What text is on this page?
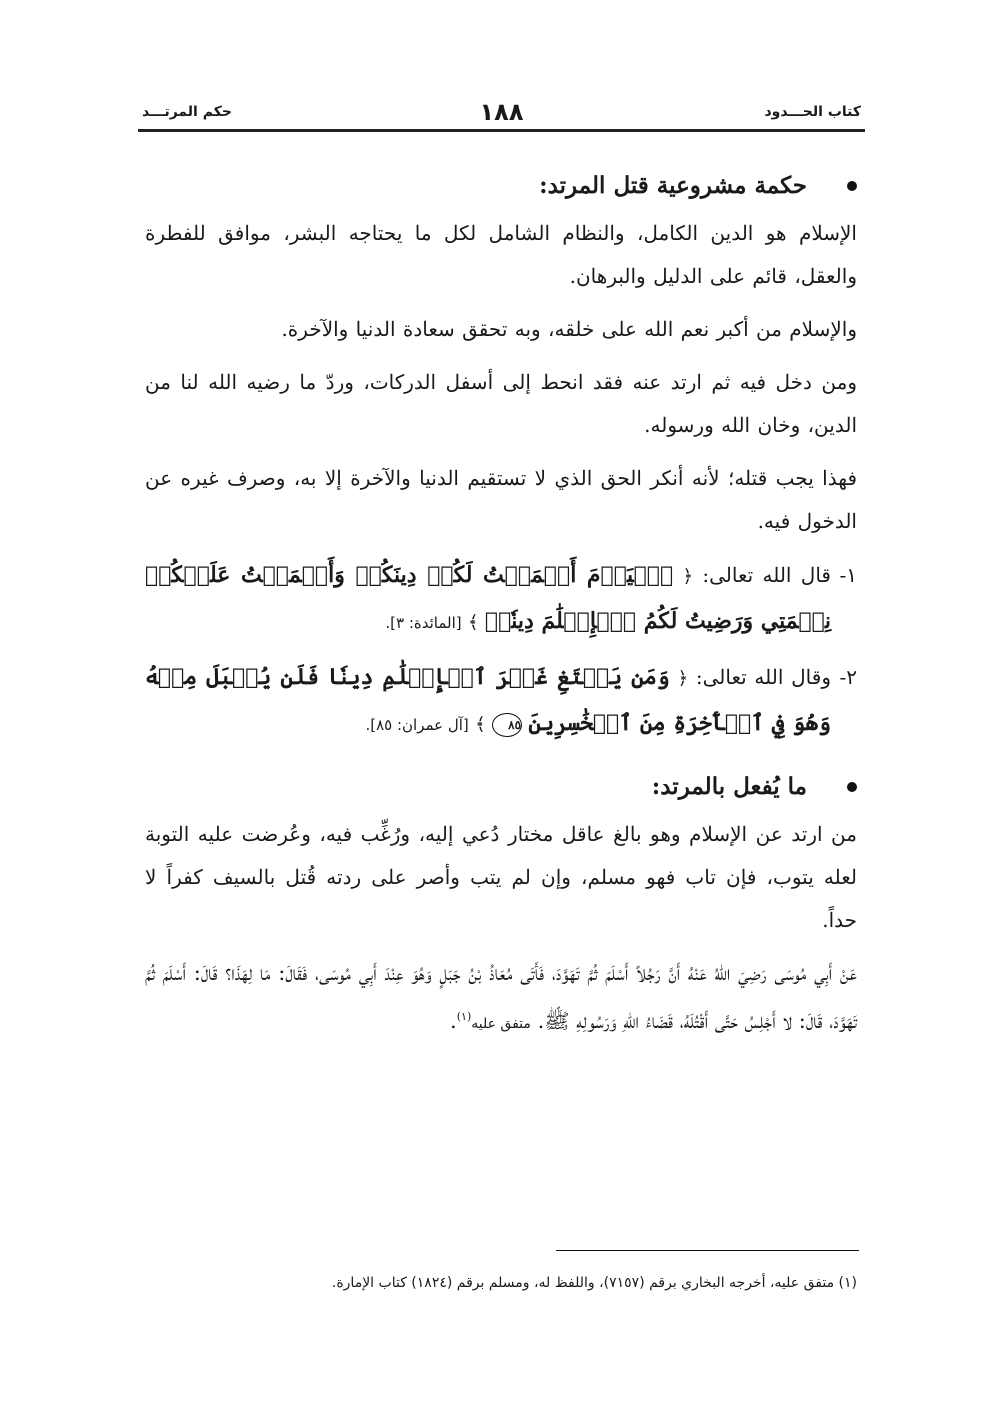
كتاب الحـــدود
١٨٨
حكم المرتـــد
حكمة مشروعية قتل المرتد:

الإسلام هو الدين الكامل، والنظام الشامل لكل ما يحتاجه البشر، موافق للفطرة والعقل، قائم على الدليل والبرهان.

والإسلام من أكبر نعم الله على خلقه، وبه تحقق سعادة الدنيا والآخرة.

ومن دخل فيه ثم ارتد عنه فقد انحط إلى أسفل الدركات، وردّ ما رضيه الله لنا من الدين، وخان الله ورسوله.

فهذا يجب قتله؛ لأنه أنكر الحق الذي لا تستقيم الدنيا والآخرة إلا به، وصرف غيره عن الدخول فيه.

١-
قال الله تعالى: ﴿ ٱلۡيَوۡمَ أَكۡمَلۡتُ لَكُمۡ دِينَكُمۡ وَأَتۡمَمۡتُ عَلَيۡكُمۡ نِعۡمَتِي وَرَضِيتُ لَكُمُ ٱلۡإِسۡلَٰمَ دِينٗاۚ ﴾ [المائدة: ٣].

٢-
وقال الله تعالى: ﴿ وَمَن يَبۡتَغِ غَيۡرَ ٱلۡإِسۡلَٰمِ دِينٗا فَلَن يُقۡبَلَ مِنۡهُ وَهُوَ فِي ٱلۡأٓخِرَةِ مِنَ ٱلۡخَٰسِرِينَ ٨٥ ﴾ [آل عمران: ٨٥].

ما يُفعل بالمرتد:

من ارتد عن الإسلام وهو بالغ عاقل مختار دُعي إليه، ورُغِّب فيه، وعُرضت عليه التوبة لعله يتوب، فإن تاب فهو مسلم، وإن لم يتب وأصر على ردته قُتل بالسيف كفراً لا حداً.

عَنْ أَبِي مُوسَى رَضِيَ اللهُ عَنْهُ أَنَّ رَجُلاً أَسْلَمَ ثُمَّ تَهَوَّدَ، فَأَتَى مُعَاذُ بْنُ جَبَلٍ وَهُوَ عِنْدَ أَبِي مُوسَى، فَقَالَ: مَا لِهَذَا؟ قَالَ: أَسْلَمَ ثُمَّ تَهَوَّدَ، قَالَ: لا أَجْلِسُ حَتَّى أَقْتُلَهُ، قَضَاءُ اللهِ وَرَسُولِهِ ﷺ. متفق عليه$^{(١)}$.

(١) متفق عليه، أخرجه البخاري برقم (٧١٥٧)، واللفظ له، ومسلم برقم (١٨٢٤) كتاب الإمارة.
